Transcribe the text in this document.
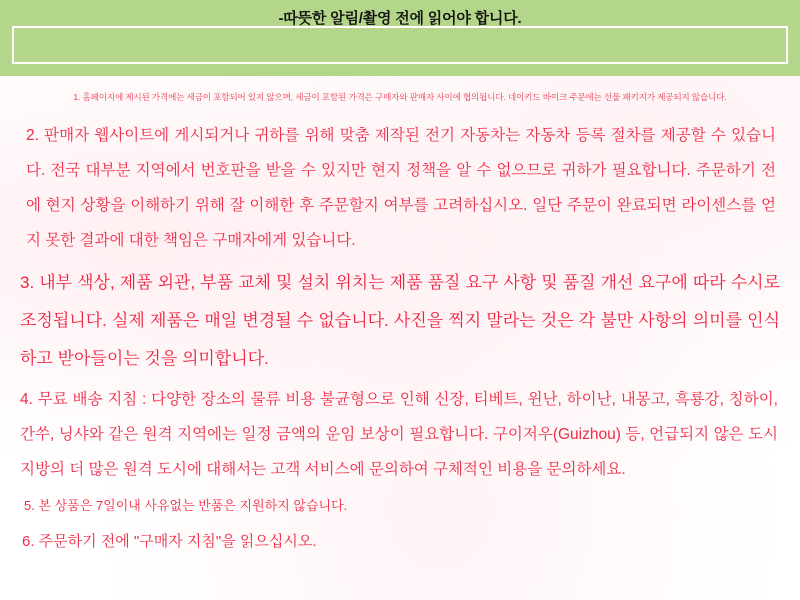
-따뜻한 알림/촬영 전에 읽어야 합니다.

1. 홈페이지에 제시된 가격에는 세금이 포함되어 있지 않으며, 세금이 포함된 가격은 구매자와 판매자 사이에 협의됩니다. 네이키드 바이크 주문에는 선물 패키지가 제공되지 않습니다.

2. 판매자 웹사이트에 게시되거나 귀하를 위해 맞춤 제작된 전기 자동차는 자동차 등록 절차를 제공할 수 있습니다. 전국 대부분 지역에서 번호판을 받을 수 있지만 현지 정책을 알 수 없으므로 귀하가 필요합니다. 주문하기 전에 현지 상황을 이해하기 위해 잘 이해한 후 주문할지 여부를 고려하십시오. 일단 주문이 완료되면 라이센스를 얻지 못한 결과에 대한 책임은 구매자에게 있습니다.

3. 내부 색상, 제품 외관, 부품 교체 및 설치 위치는 제품 품질 요구 사항 및 품질 개선 요구에 따라 수시로 조정됩니다. 실제 제품은 매일 변경될 수 없습니다. 사진을 찍지 말라는 것은 각 불만 사항의 의미를 인식하고 받아들이는 것을 의미합니다.

4. 무료 배송 지침 : 다양한 장소의 물류 비용 불균형으로 인해 신장, 티베트, 윈난, 하이난, 내몽고, 흑룡강, 칭하이, 간쑤, 닝샤와 같은 원격 지역에는 일정 금액의 운임 보상이 필요합니다. 구이저우(Guizhou) 등, 언급되지 않은 도시 지방의 더 많은 원격 도시에 대해서는 고객 서비스에 문의하여 구체적인 비용을 문의하세요.

5. 본 상품은 7일이내 사유없는 반품은 지원하지 않습니다.

6. 주문하기 전에 "구매자 지침"을 읽으십시오.
